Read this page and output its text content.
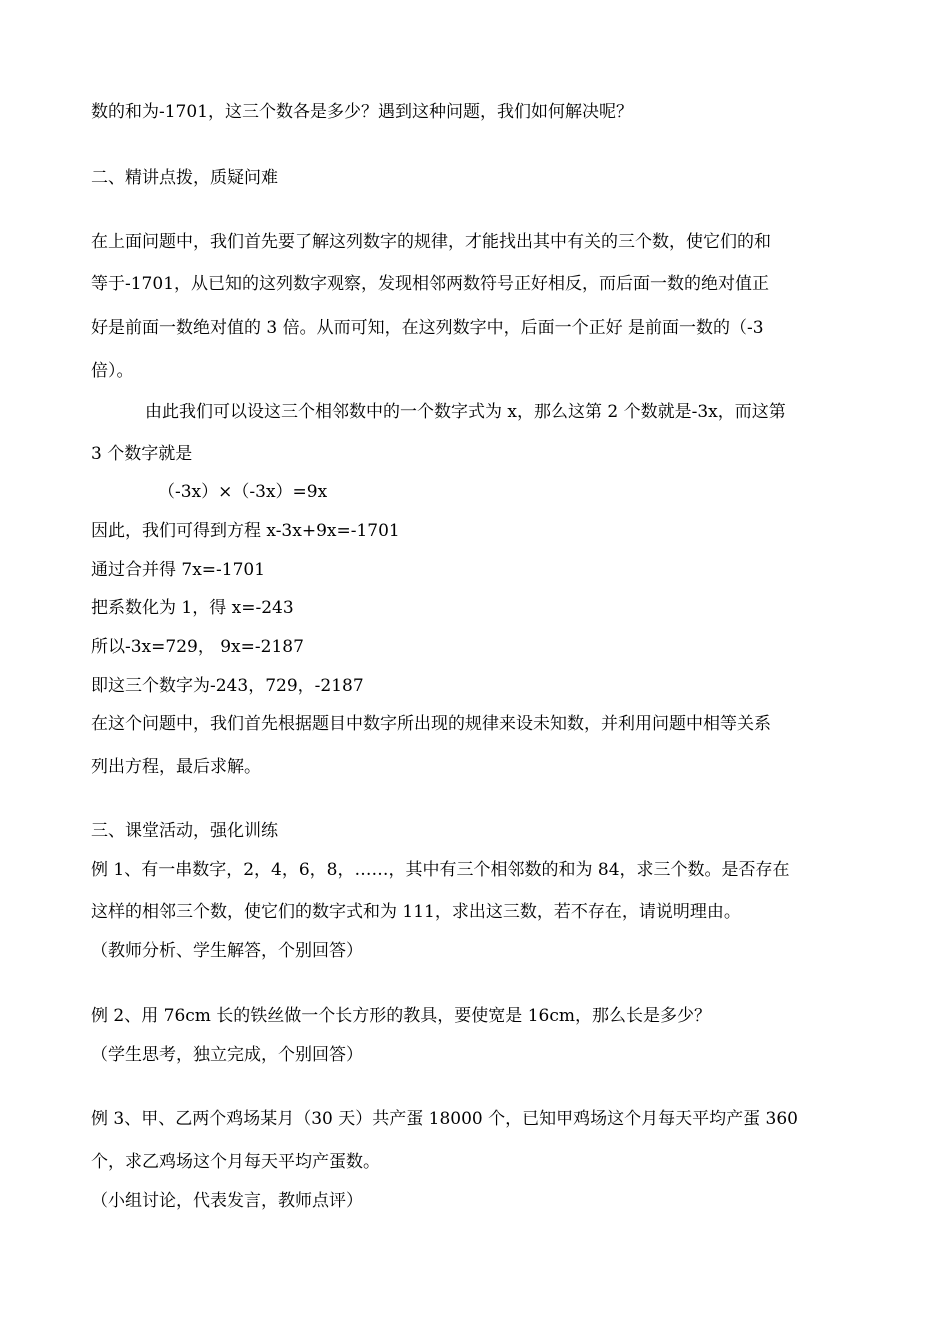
数的和为-1701，这三个数各是多少？遇到这种问题，我们如何解决呢？

二、精讲点拨，质疑问难

在上面问题中，我们首先要了解这列数字的规律，才能找出其中有关的三个数，使它们的和

等于-1701，从已知的这列数字观察，发现相邻两数符号正好相反，而后面一数的绝对值正

好是前面一数绝对值的 3 倍。从而可知，在这列数字中，后面一个正好 是前面一数的（-3

倍）。

由此我们可以设这三个相邻数中的一个数字式为 x，那么这第 2 个数就是-3x，而这第

3 个数字就是

（-3x）×（-3x）=9x

因此，我们可得到方程 x-3x+9x=-1701

通过合并得 7x=-1701

把系数化为 1，得 x=-243

所以-3x=729， 9x=-2187

即这三个数字为-243，729，-2187

在这个问题中，我们首先根据题目中数字所出现的规律来设未知数，并利用问题中相等关系

列出方程，最后求解。

三、课堂活动，强化训练

例 1、有一串数字，2，4，6，8，……，其中有三个相邻数的和为 84，求三个数。是否存在

这样的相邻三个数，使它们的数字式和为 111，求出这三数，若不存在，请说明理由。

（教师分析、学生解答，个别回答）

例 2、用 76cm 长的铁丝做一个长方形的教具，要使宽是 16cm，那么长是多少？

（学生思考，独立完成，个别回答）

例 3、甲、乙两个鸡场某月（30 天）共产蛋 18000 个，已知甲鸡场这个月每天平均产蛋 360

个，求乙鸡场这个月每天平均产蛋数。

（小组讨论，代表发言，教师点评）
